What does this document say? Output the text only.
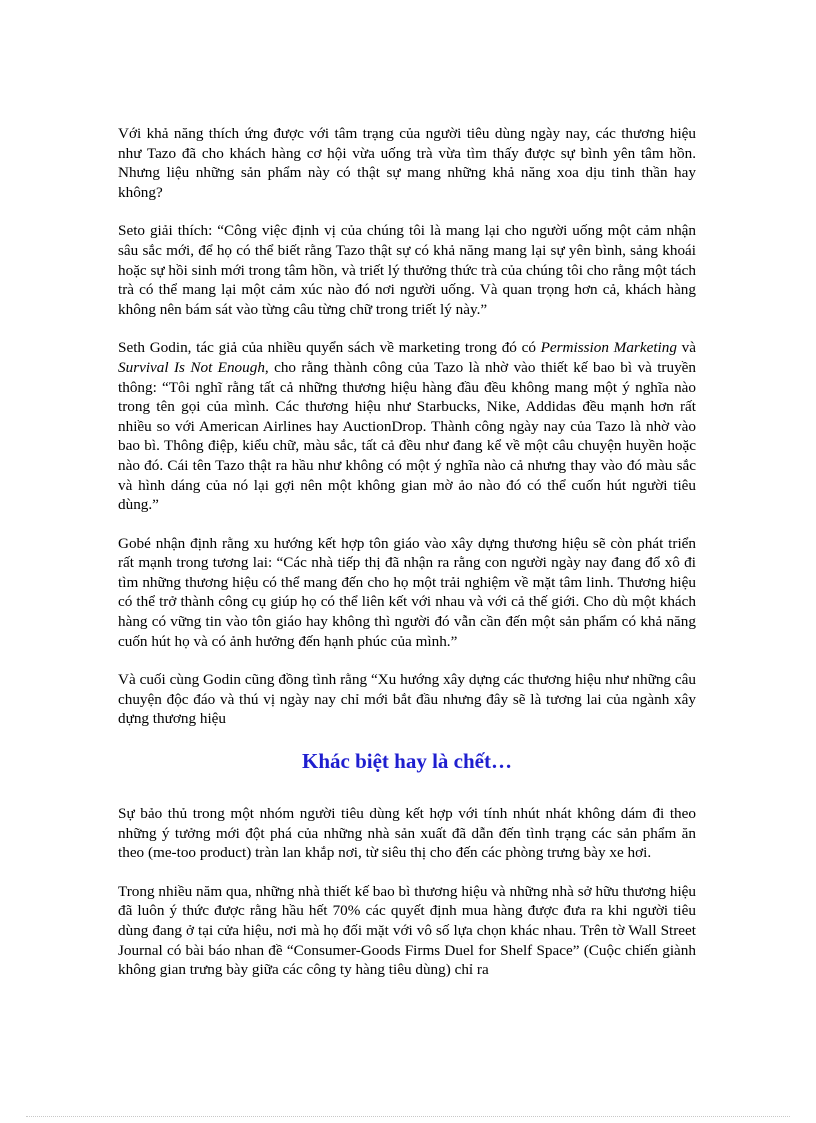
Với khả năng thích ứng được với tâm trạng của người tiêu dùng ngày nay, các thương hiệu như Tazo đã cho khách hàng cơ hội vừa uống trà vừa tìm thấy được sự bình yên tâm hồn. Nhưng liệu những sản phẩm này có thật sự mang những khả năng xoa dịu tinh thần hay không?

Seto giải thích: “Công việc định vị của chúng tôi là mang lại cho người uống một cảm nhận sâu sắc mới, để họ có thể biết rằng Tazo thật sự có khả năng mang lại sự yên bình, sảng khoái hoặc sự hồi sinh mới trong tâm hồn, và triết lý thưởng thức trà của chúng tôi cho rằng một tách trà có thể mang lại một cảm xúc nào đó nơi người uống. Và quan trọng hơn cả, khách hàng không nên bám sát vào từng câu từng chữ trong triết lý này.”

Seth Godin, tác giả của nhiều quyển sách về marketing trong đó có Permission Marketing và Survival Is Not Enough, cho rằng thành công của Tazo là nhờ vào thiết kế bao bì và truyền thông: “Tôi nghĩ rằng tất cả những thương hiệu hàng đầu đều không mang một ý nghĩa nào trong tên gọi của mình. Các thương hiệu như Starbucks, Nike, Addidas đều mạnh hơn rất nhiều so với American Airlines hay AuctionDrop. Thành công ngày nay của Tazo là nhờ vào bao bì. Thông điệp, kiểu chữ, màu sắc, tất cả đều như đang kể về một câu chuyện huyền hoặc nào đó. Cái tên Tazo thật ra hầu như không có một ý nghĩa nào cả nhưng thay vào đó màu sắc và hình dáng của nó lại gợi nên một không gian mờ ảo nào đó có thể cuốn hút người tiêu dùng.”

Gobé nhận định rằng xu hướng kết hợp tôn giáo vào xây dựng thương hiệu sẽ còn phát triển rất mạnh trong tương lai: “Các nhà tiếp thị đã nhận ra rằng con người ngày nay đang đổ xô đi tìm những thương hiệu có thể mang đến cho họ một trải nghiệm về mặt tâm linh. Thương hiệu có thể trở thành công cụ giúp họ có thể liên kết với nhau và với cả thế giới. Cho dù một khách hàng có vững tin vào tôn giáo hay không thì người đó vẫn cần đến một sản phẩm có khả năng cuốn hút họ và có ảnh hưởng đến hạnh phúc của mình.”

Và cuối cùng Godin cũng đồng tình rằng “Xu hướng xây dựng các thương hiệu như những câu chuyện độc đáo và thú vị ngày nay chỉ mới bắt đầu nhưng đây sẽ là tương lai của ngành xây dựng thương hiệu

Khác biệt hay là chết…

Sự bảo thủ trong một nhóm người tiêu dùng kết hợp với tính nhút nhát không dám đi theo những ý tưởng mới đột phá của những nhà sản xuất đã dẫn đến tình trạng các sản phẩm ăn theo (me-too product) tràn lan khắp nơi, từ siêu thị cho đến các phòng trưng bày xe hơi.

Trong nhiều năm qua, những nhà thiết kế bao bì thương hiệu và những nhà sở hữu thương hiệu đã luôn ý thức được rằng hầu hết 70% các quyết định mua hàng được đưa ra khi người tiêu dùng đang ở tại cửa hiệu, nơi mà họ đối mặt với vô số lựa chọn khác nhau. Trên tờ Wall Street Journal có bài báo nhan đề “Consumer-Goods Firms Duel for Shelf Space” (Cuộc chiến giành không gian trưng bày giữa các công ty hàng tiêu dùng) chỉ ra
